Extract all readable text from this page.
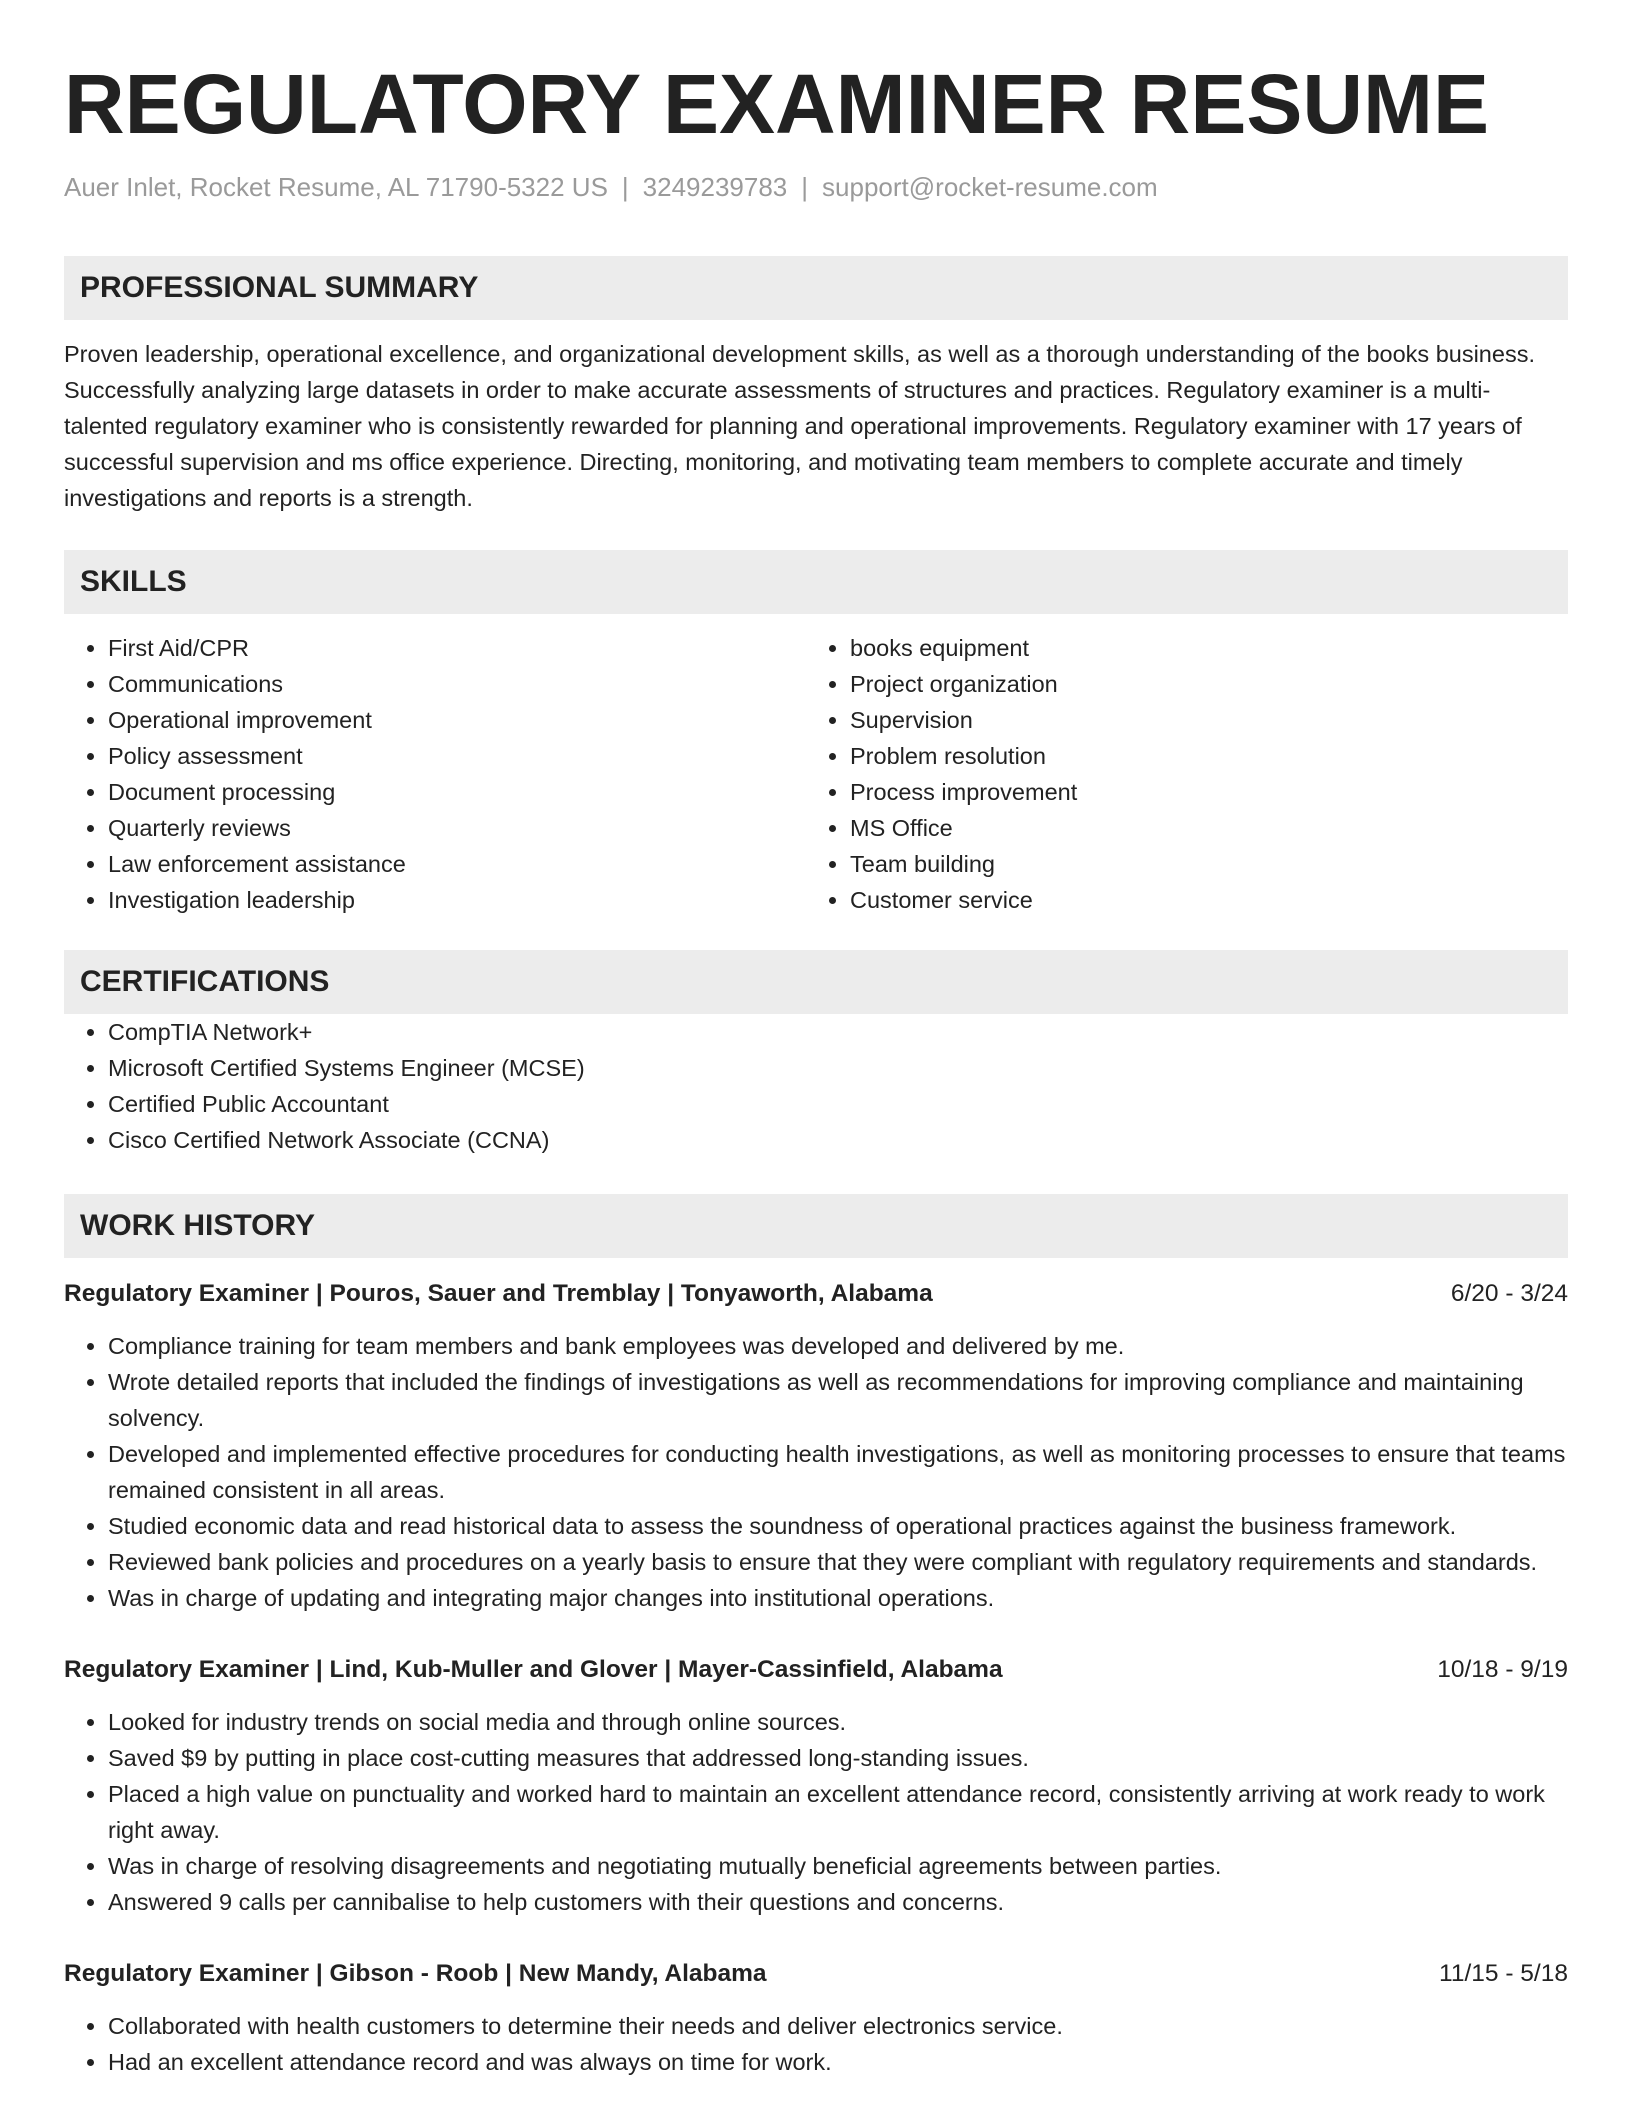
REGULATORY EXAMINER RESUME
Auer Inlet, Rocket Resume, AL 71790-5322 US | 3249239783 | support@rocket-resume.com
PROFESSIONAL SUMMARY

Proven leadership, operational excellence, and organizational development skills, as well as a thorough understanding of the books business. Successfully analyzing large datasets in order to make accurate assessments of structures and practices. Regulatory examiner is a multi-talented regulatory examiner who is consistently rewarded for planning and operational improvements. Regulatory examiner with 17 years of successful supervision and ms office experience. Directing, monitoring, and motivating team members to complete accurate and timely investigations and reports is a strength.

SKILLS
• First Aid/CPR
• Communications
• Operational improvement
• Policy assessment
• Document processing
• Quarterly reviews
• Law enforcement assistance
• Investigation leadership
• books equipment
• Project organization
• Supervision
• Problem resolution
• Process improvement
• MS Office
• Team building
• Customer service
CERTIFICATIONS
• CompTIA Network+
• Microsoft Certified Systems Engineer (MCSE)
• Certified Public Accountant
• Cisco Certified Network Associate (CCNA)
WORK HISTORY
Regulatory Examiner | Pouros, Sauer and Tremblay | Tonyaworth, Alabama	6/20 - 3/24
• Compliance training for team members and bank employees was developed and delivered by me.
• Wrote detailed reports that included the findings of investigations as well as recommendations for improving compliance and maintaining solvency.
• Developed and implemented effective procedures for conducting health investigations, as well as monitoring processes to ensure that teams remained consistent in all areas.
• Studied economic data and read historical data to assess the soundness of operational practices against the business framework.
• Reviewed bank policies and procedures on a yearly basis to ensure that they were compliant with regulatory requirements and standards.
• Was in charge of updating and integrating major changes into institutional operations.
Regulatory Examiner | Lind, Kub-Muller and Glover | Mayer-Cassinfield, Alabama	10/18 - 9/19
• Looked for industry trends on social media and through online sources.
• Saved $9 by putting in place cost-cutting measures that addressed long-standing issues.
• Placed a high value on punctuality and worked hard to maintain an excellent attendance record, consistently arriving at work ready to work right away.
• Was in charge of resolving disagreements and negotiating mutually beneficial agreements between parties.
• Answered 9 calls per cannibalise to help customers with their questions and concerns.
Regulatory Examiner | Gibson - Roob | New Mandy, Alabama	11/15 - 5/18
• Collaborated with health customers to determine their needs and deliver electronics service.
• Had an excellent attendance record and was always on time for work.
